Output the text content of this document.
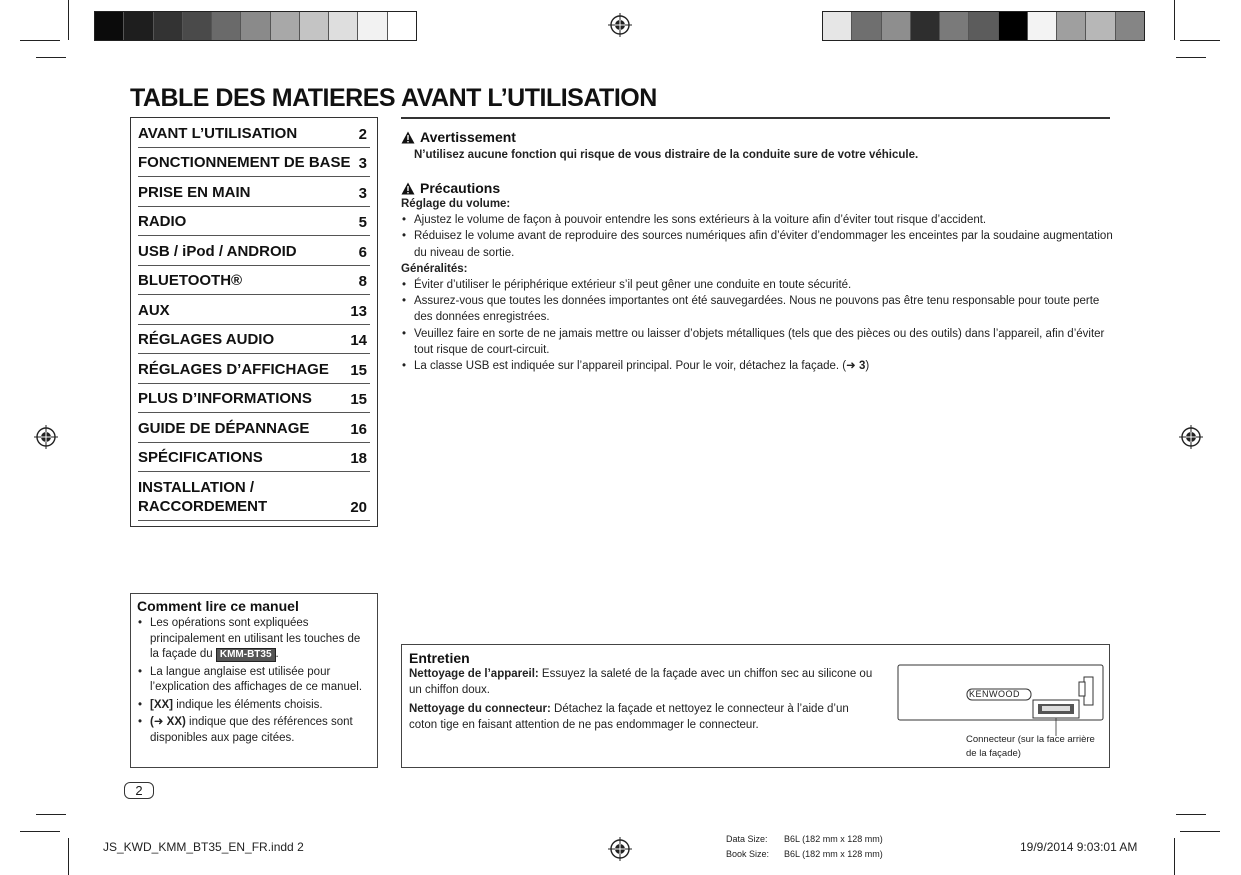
TABLE DES MATIERES
AVANT L’UTILISATION	2
FONCTIONNEMENT DE BASE 3
PRISE EN MAIN	3
RADIO	5
USB / iPod / ANDROID	6
BLUETOOTH®	8
AUX	13
RÉGLAGES AUDIO	14
RÉGLAGES D’AFFICHAGE 15
PLUS D’INFORMATIONS	15
GUIDE DE DÉPANNAGE	16
SPÉCIFICATIONS	18
INSTALLATION /
RACCORDEMENT	20
AVANT L’UTILISATION
Avertissement
N’utilisez aucune fonction qui risque de vous distraire de la conduite sure de votre véhicule.
Précautions
Réglage du volume:
• Ajustez le volume de façon à pouvoir entendre les sons extérieurs à la voiture afin d’éviter tout risque d’accident.
• Réduisez le volume avant de reproduire des sources numériques afin d’éviter d’endommager les enceintes par la soudaine augmentation du niveau de sortie.
Généralités:
• Éviter d’utiliser le périphérique extérieur s’il peut gêner une conduite en toute sécurité.
• Assurez-vous que toutes les données importantes ont été sauvegardées. Nous ne pouvons pas être tenu responsable pour toute perte des données enregistrées.
• Veuillez faire en sorte de ne jamais mettre ou laisser d’objets métalliques (tels que des pièces ou des outils) dans l’appareil, afin d’éviter tout risque de court-circuit.
• La classe USB est indiquée sur l’appareil principal. Pour le voir, détachez la façade. (➜ 3)
Comment lire ce manuel
• Les opérations sont expliquées principalement en utilisant les touches de la façade du KMM-BT35 .
• La langue anglaise est utilisée pour l’explication des affichages de ce manuel.
• [XX] indique les éléments choisis.
• (➜ XX) indique que des références sont disponibles aux page citées.
2
Entretien
Nettoyage de l’appareil: Essuyez la saleté de la façade avec un chiffon sec au silicone ou un chiffon doux.
Nettoyage du connecteur: Détachez la façade et nettoyez le connecteur à l’aide d’un coton tige en faisant attention de ne pas endommager le connecteur.
KENWOOD
Connecteur (sur la face arrière
de la façade)
JS_KWD_KMM_BT35_EN_FR.indd 2
Data Size:	B6L (182 mm x 128 mm)
Book Size:	B6L (182 mm x 128 mm)	19/9/2014 9:03:01 AM
